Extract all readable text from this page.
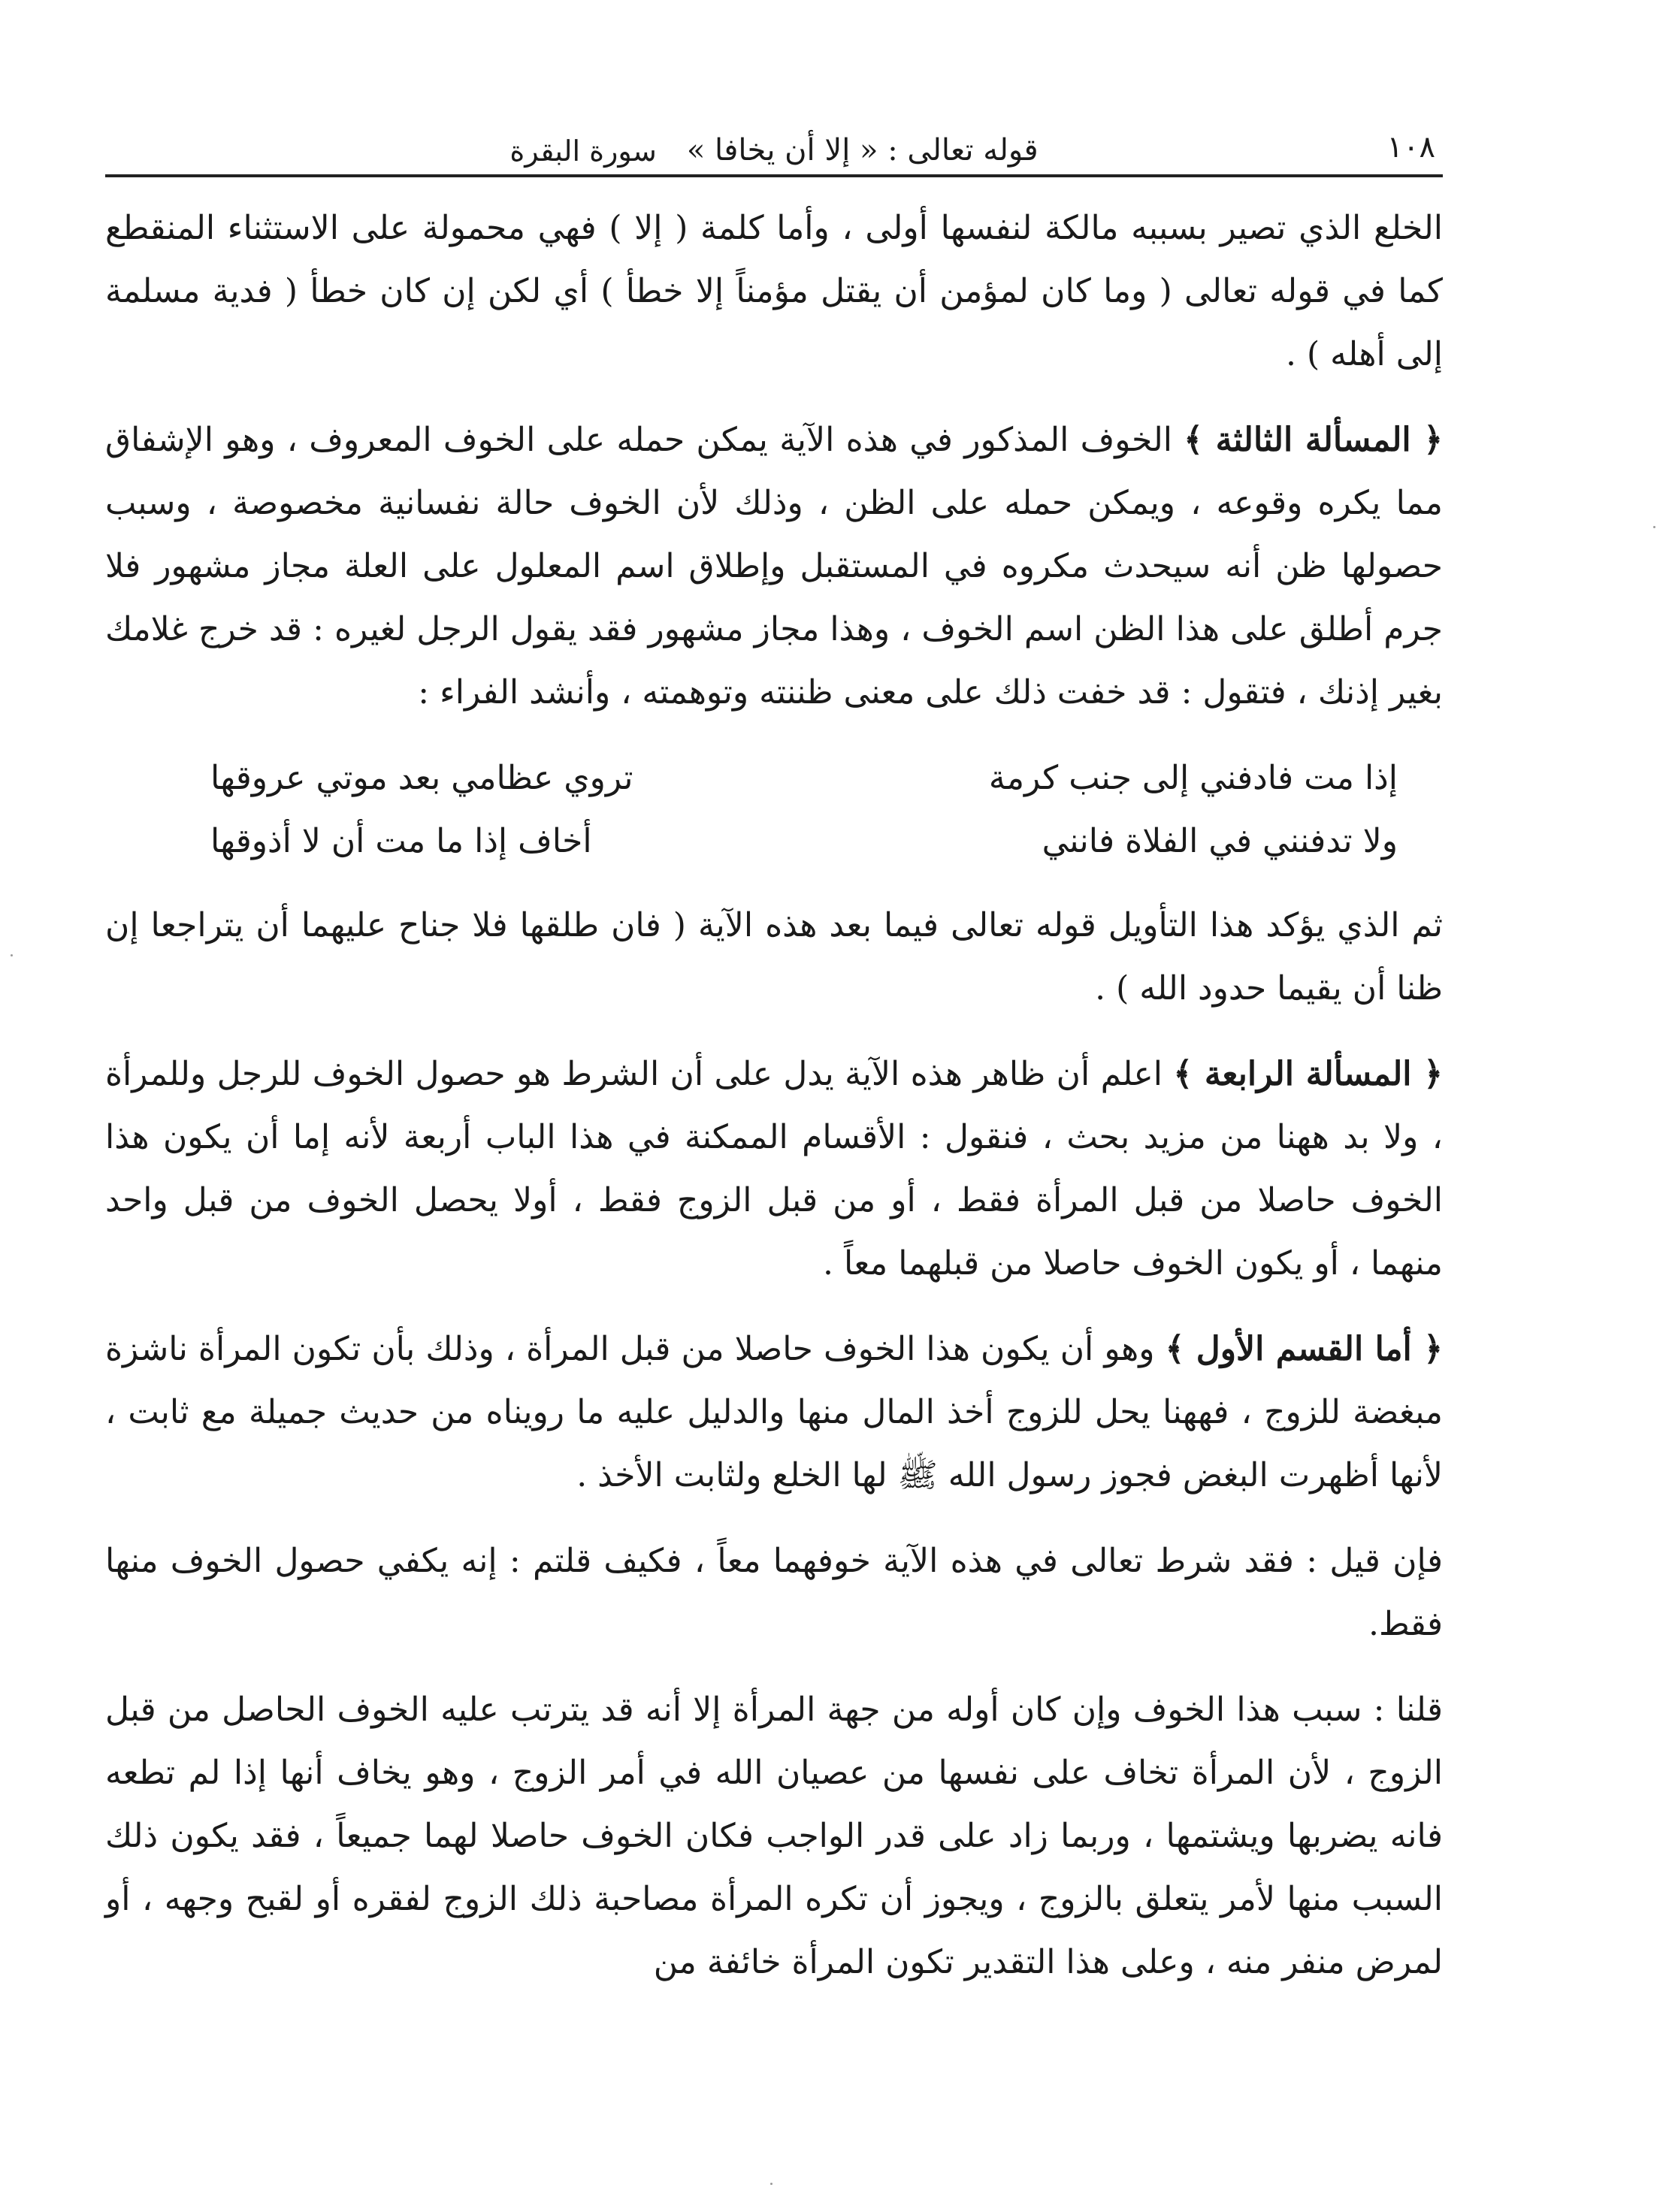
١٠٨
قوله تعالى : « إلا أن يخافا »
سورة البقرة

الخلع الذي تصير بسببه مالكة لنفسها أولى ، وأما كلمة ( إلا ) فهي محمولة على الاستثناء المنقطع كما في قوله تعالى ( وما كان لمؤمن أن يقتل مؤمناً إلا خطأ ) أي لكن إن كان خطأ ( فدية مسلمة إلى أهله ) .

﴿ المسألة الثالثة ﴾ الخوف المذكور في هذه الآية يمكن حمله على الخوف المعروف ، وهو الإشفاق مما يكره وقوعه ، ويمكن حمله على الظن ، وذلك لأن الخوف حالة نفسانية مخصوصة ، وسبب حصولها ظن أنه سيحدث مكروه في المستقبل وإطلاق اسم المعلول على العلة مجاز مشهور فلا جرم أطلق على هذا الظن اسم الخوف ، وهذا مجاز مشهور فقد يقول الرجل لغيره : قد خرج غلامك بغير إذنك ، فتقول : قد خفت ذلك على معنى ظننته وتوهمته ، وأنشد الفراء :

إذا مت فادفني إلى جنب كرمة
تروي عظامي بعد موتي عروقها
ولا تدفنني في الفلاة فانني
أخاف إذا ما مت أن لا أذوقها

ثم الذي يؤكد هذا التأويل قوله تعالى فيما بعد هذه الآية ( فان طلقها فلا جناح عليهما أن يتراجعا إن ظنا أن يقيما حدود الله ) .

﴿ المسألة الرابعة ﴾ اعلم أن ظاهر هذه الآية يدل على أن الشرط هو حصول الخوف للرجل وللمرأة ، ولا بد ههنا من مزيد بحث ، فنقول : الأقسام الممكنة في هذا الباب أربعة لأنه إما أن يكون هذا الخوف حاصلا من قبل المرأة فقط ، أو من قبل الزوج فقط ، أولا يحصل الخوف من قبل واحد منهما ، أو يكون الخوف حاصلا من قبلهما معاً .

﴿ أما القسم الأول ﴾ وهو أن يكون هذا الخوف حاصلا من قبل المرأة ، وذلك بأن تكون المرأة ناشزة مبغضة للزوج ، فههنا يحل للزوج أخذ المال منها والدليل عليه ما رويناه من حديث جميلة مع ثابت ، لأنها أظهرت البغض فجوز رسول الله ﷺ لها الخلع ولثابت الأخذ .

فإن قيل : فقد شرط تعالى في هذه الآية خوفهما معاً ، فكيف قلتم : إنه يكفي حصول الخوف منها فقط.

قلنا : سبب هذا الخوف وإن كان أوله من جهة المرأة إلا أنه قد يترتب عليه الخوف الحاصل من قبل الزوج ، لأن المرأة تخاف على نفسها من عصيان الله في أمر الزوج ، وهو يخاف أنها إذا لم تطعه فانه يضربها ويشتمها ، وربما زاد على قدر الواجب فكان الخوف حاصلا لهما جميعاً ، فقد يكون ذلك السبب منها لأمر يتعلق بالزوج ، ويجوز أن تكره المرأة مصاحبة ذلك الزوج لفقره أو لقبح وجهه ، أو لمرض منفر منه ، وعلى هذا التقدير تكون المرأة خائفة من
